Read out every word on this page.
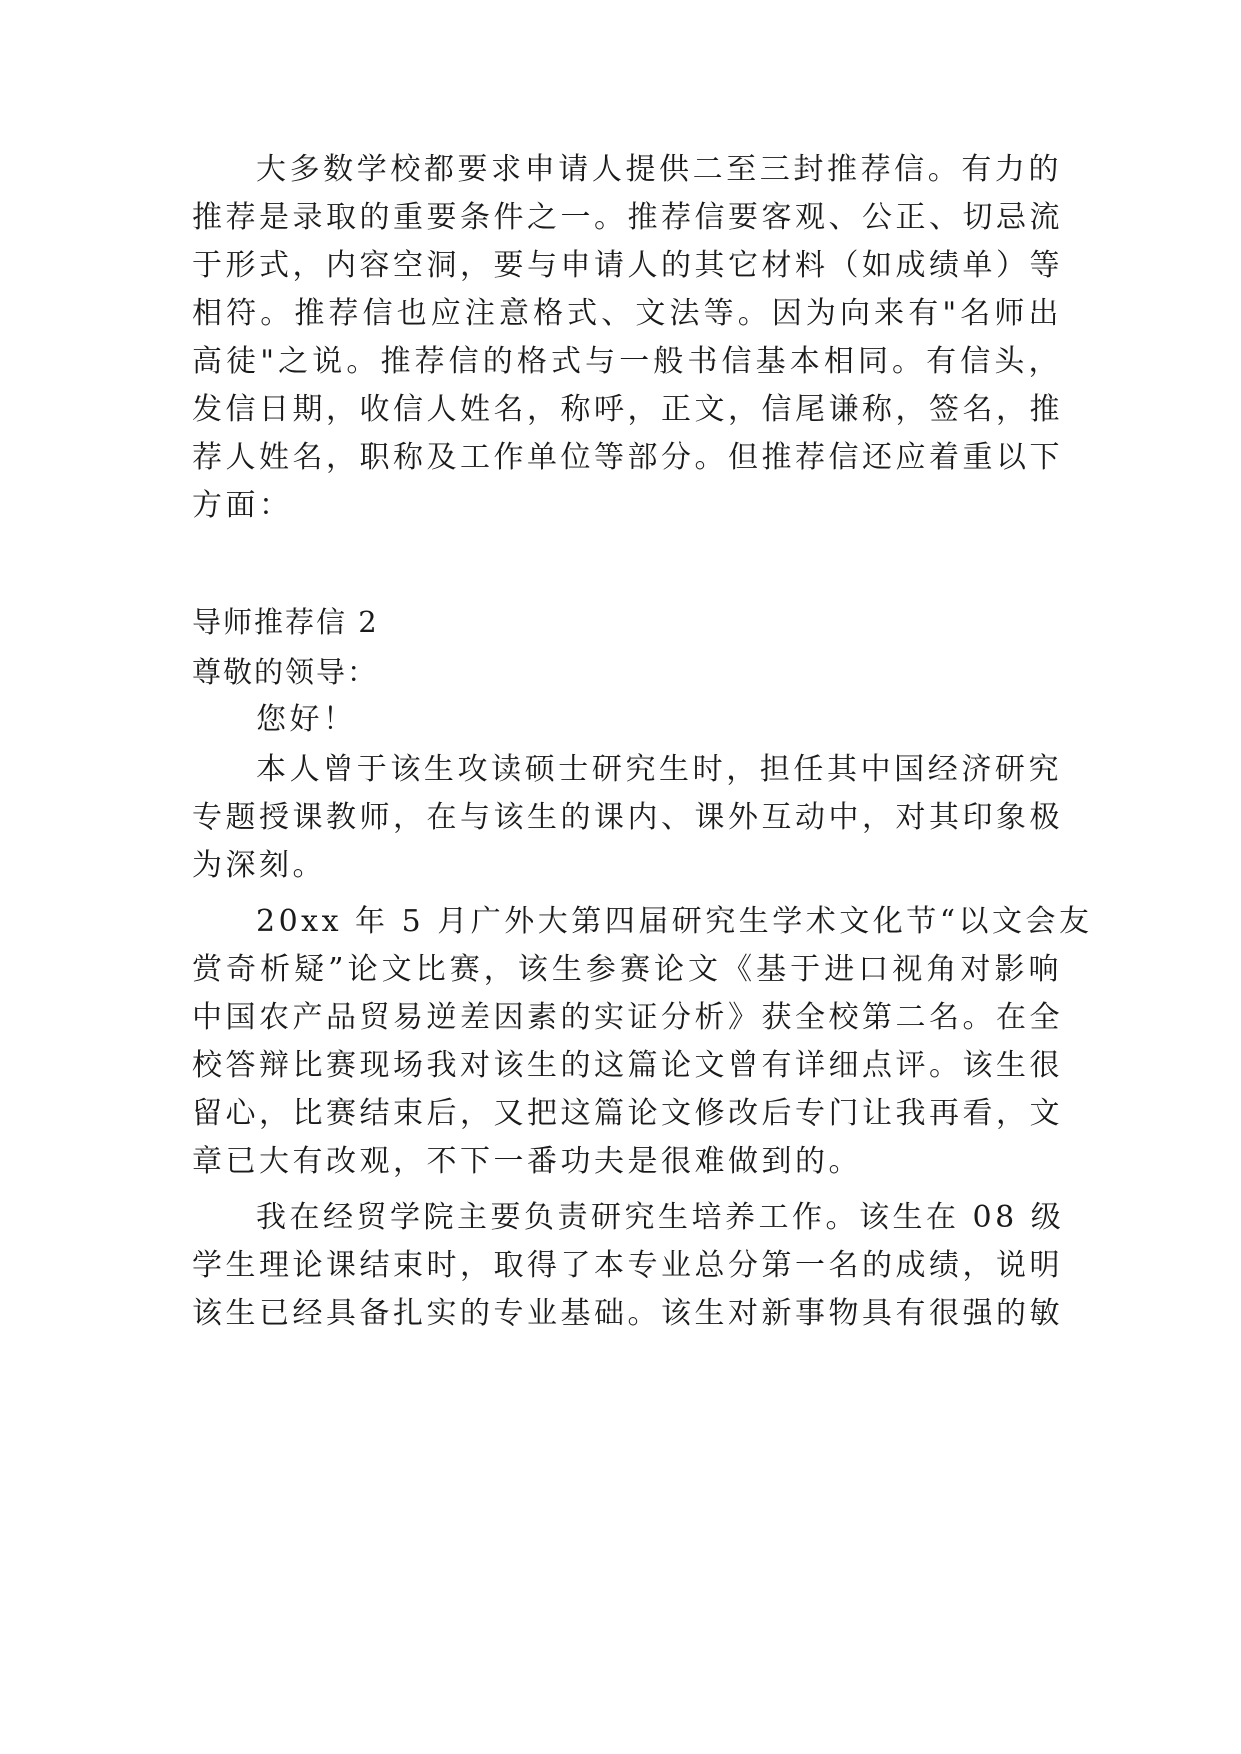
大多数学校都要求申请人提供二至三封推荐信。有力的
推荐是录取的重要条件之一。推荐信要客观、公正、切忌流
于形式，内容空洞，要与申请人的其它材料（如成绩单）等
相符。推荐信也应注意格式、文法等。因为向来有"名师出
高徒"之说。推荐信的格式与一般书信基本相同。有信头，
发信日期，收信人姓名，称呼，正文，信尾谦称，签名，推
荐人姓名，职称及工作单位等部分。但推荐信还应着重以下
方面：
导师推荐信 2
尊敬的领导：
您好！
本人曾于该生攻读硕士研究生时，担任其中国经济研究
专题授课教师，在与该生的课内、课外互动中，对其印象极
为深刻。
20xx 年 5 月广外大第四届研究生学术文化节“以文会友
赏奇析疑”论文比赛，该生参赛论文《基于进口视角对影响
中国农产品贸易逆差因素的实证分析》获全校第二名。在全
校答辩比赛现场我对该生的这篇论文曾有详细点评。该生很
留心，比赛结束后，又把这篇论文修改后专门让我再看，文
章已大有改观，不下一番功夫是很难做到的。
我在经贸学院主要负责研究生培养工作。该生在 08 级
学生理论课结束时，取得了本专业总分第一名的成绩，说明
该生已经具备扎实的专业基础。该生对新事物具有很强的敏
